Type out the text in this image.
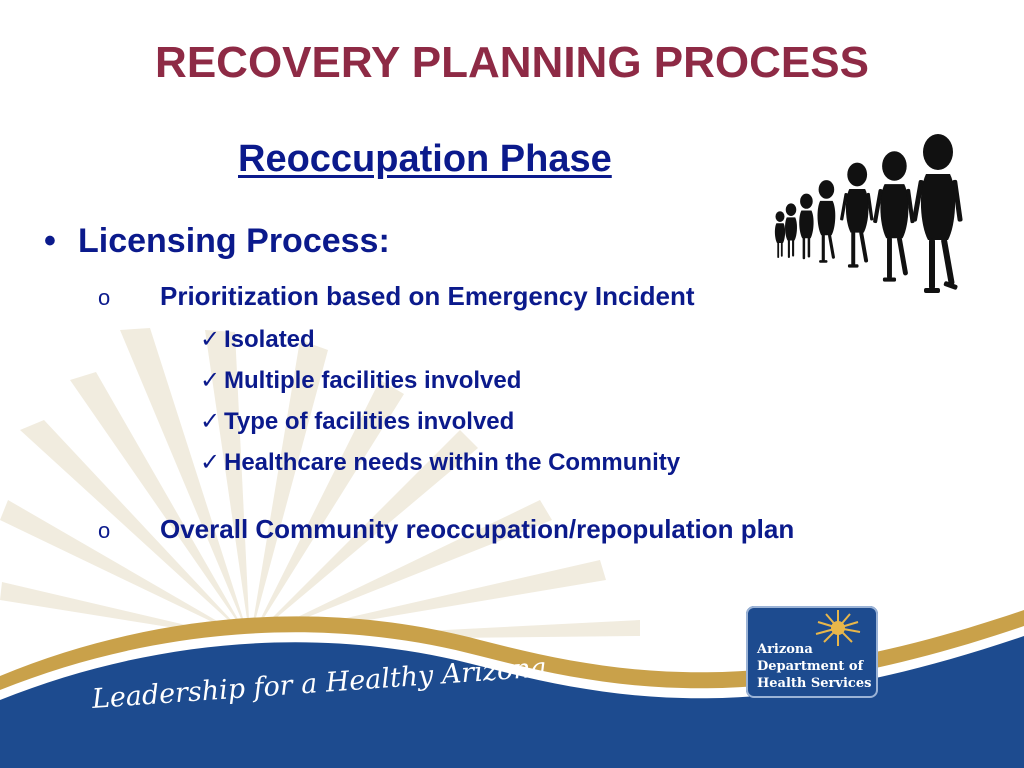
RECOVERY PLANNING PROCESS
Reoccupation Phase
• Licensing Process:
o Prioritization based on Emergency Incident
✓ Isolated
✓ Multiple facilities involved
✓ Type of facilities involved
✓ Healthcare needs within the Community
o Overall Community reoccupation/repopulation plan
Leadership for a Healthy Arizona
Arizona
Department of
Health Services
